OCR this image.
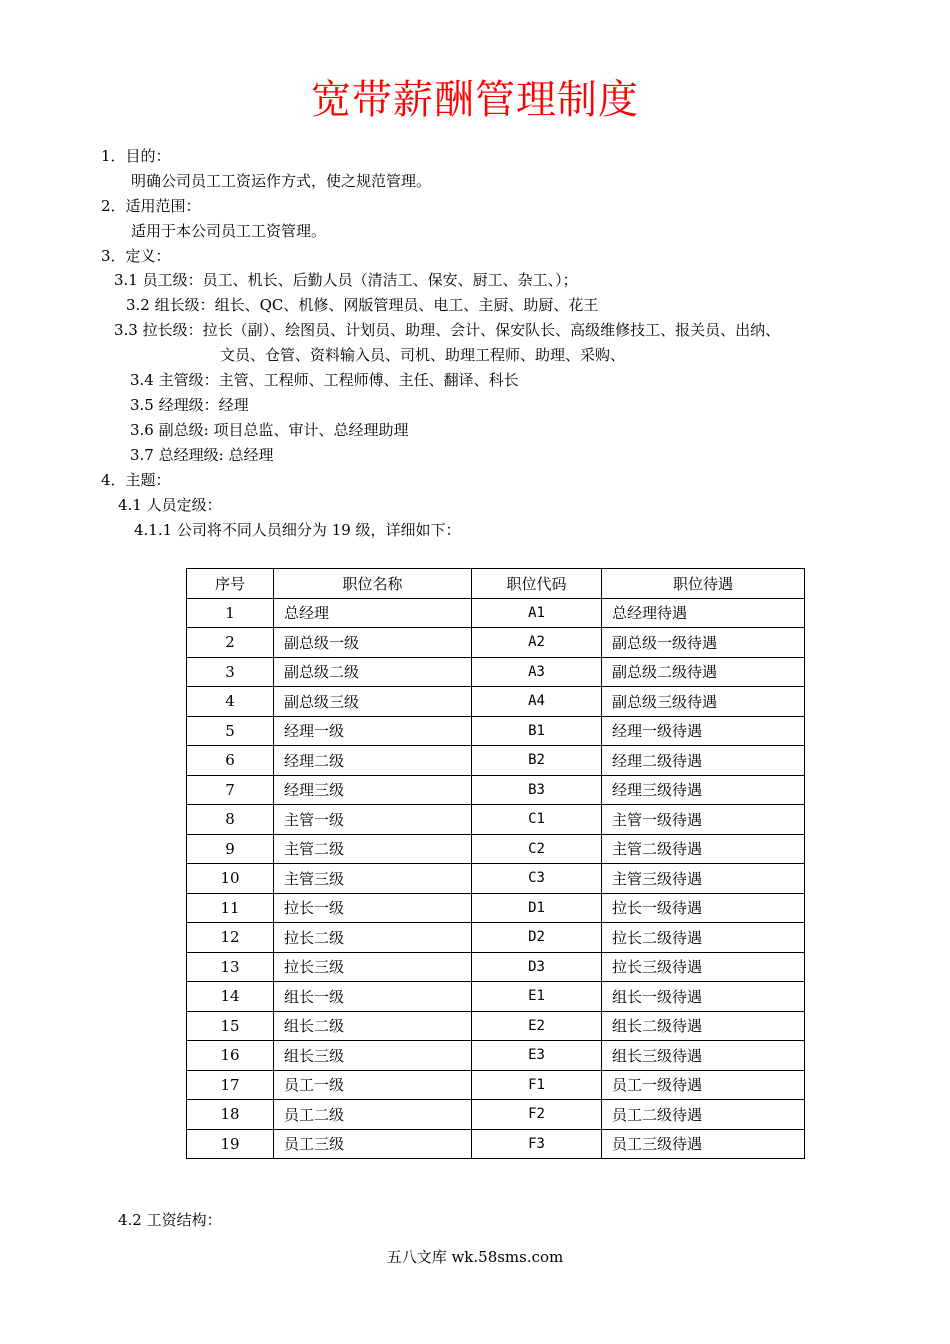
宽带薪酬管理制度
1．目的：
明确公司员工工资运作方式，使之规范管理。
2．适用范围：
适用于本公司员工工资管理。
3．定义：
3.1 员工级：员工、机长、后勤人员（清洁工、保安、厨工、杂工、）；
3.2 组长级：组长、QC、机修、网版管理员、电工、主厨、助厨、花王
3.3 拉长级：拉长（副）、绘图员、计划员、助理、会计、保安队长、高级维修技工、报关员、出纳、
文员、仓管、资料输入员、司机、助理工程师、助理、采购、
3.4 主管级：主管、工程师、工程师傅、主任、翻译、科长
3.5 经理级：经理
3.6 副总级: 项目总监、审计、总经理助理
3.7 总经理级: 总经理
4．主题：
4.1 人员定级：
4.1.1 公司将不同人员细分为 19 级，详细如下：
序号	职位名称	职位代码	职位待遇
1	总经理	A1	总经理待遇
2	副总级一级	A2	副总级一级待遇
3	副总级二级	A3	副总级二级待遇
4	副总级三级	A4	副总级三级待遇
5	经理一级	B1	经理一级待遇
6	经理二级	B2	经理二级待遇
7	经理三级	B3	经理三级待遇
8	主管一级	C1	主管一级待遇
9	主管二级	C2	主管二级待遇
10	主管三级	C3	主管三级待遇
11	拉长一级	D1	拉长一级待遇
12	拉长二级	D2	拉长二级待遇
13	拉长三级	D3	拉长三级待遇
14	组长一级	E1	组长一级待遇
15	组长二级	E2	组长二级待遇
16	组长三级	E3	组长三级待遇
17	员工一级	F1	员工一级待遇
18	员工二级	F2	员工二级待遇
19	员工三级	F3	员工三级待遇
4.2 工资结构：
五八文库 wk.58sms.com
